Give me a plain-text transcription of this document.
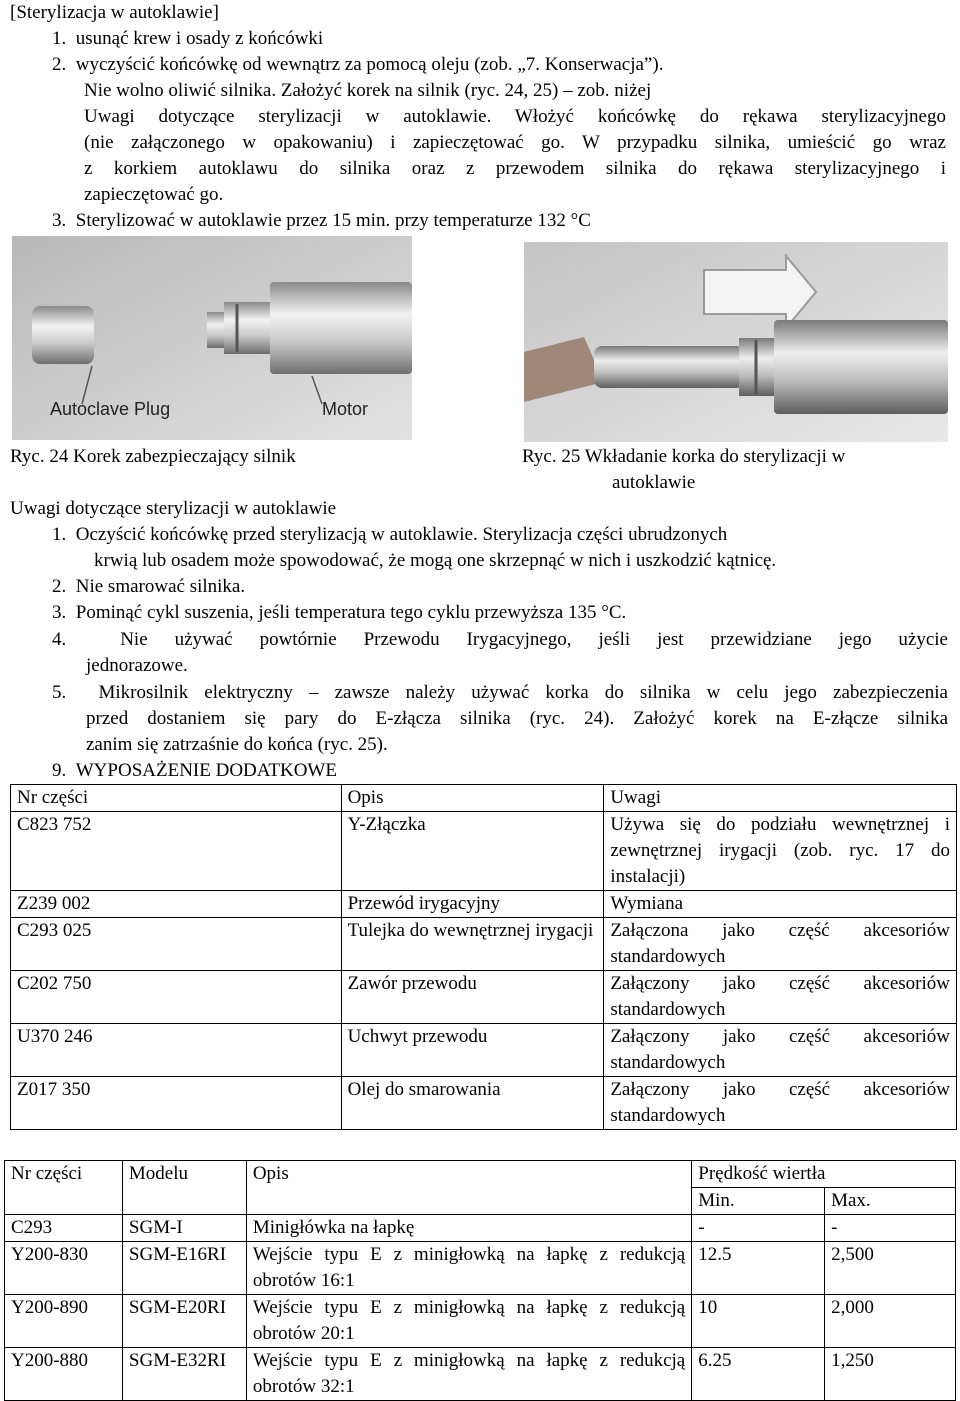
[Sterylizacja w autoklawie]
1.  usunąć krew i osady z końcówki
2.  wyczyścić końcówkę od wewnątrz za pomocą oleju (zob. „7. Konserwacja”).
Nie wolno oliwić silnika. Założyć korek na silnik (ryc. 24, 25) – zob. niżej
Uwagi dotyczące sterylizacji w autoklawie. Włożyć końcówkę do rękawa sterylizacyjnego
(nie załączonego w opakowaniu) i zapieczętować go. W przypadku silnika, umieścić go wraz
z korkiem autoklawu do silnika oraz z przewodem silnika do rękawa sterylizacyjnego i
zapieczętować go.
3.  Sterylizować w autoklawie przez 15 min. przy temperaturze 132 °C
Autoclave Plug	Motor
Ryc. 24 Korek zabezpieczający silnik	Ryc. 25 Wkładanie korka do sterylizacji w
autoklawie
Uwagi dotyczące sterylizacji w autoklawie
1.  Oczyścić końcówkę przed sterylizacją w autoklawie. Sterylizacja części ubrudzonych
krwią lub osadem może spowodować, że mogą one skrzepnąć w nich i uszkodzić kątnicę.
2.  Nie smarować silnika.
3.  Pominąć cykl suszenia, jeśli temperatura tego cyklu przewyższa 135 °C.
4.  Nie używać powtórnie Przewodu Irygacyjnego, jeśli jest przewidziane jego użycie
jednorazowe.
5.  Mikrosilnik elektryczny – zawsze należy używać korka do silnika w celu jego zabezpieczenia
przed dostaniem się pary do E-złącza silnika (ryc. 24). Założyć korek na E-złącze silnika
zanim się zatrzaśnie do końca (ryc. 25).
9.  WYPOSAŻENIE DODATKOWE
Nr części	Opis	Uwagi
C823 752	Y-Złączka	Używa się do podziału wewnętrznej i zewnętrznej irygacji (zob. ryc. 17 do instalacji)
Z239 002	Przewód irygacyjny	Wymiana
C293 025	Tulejka do wewnętrznej irygacji	Załączona jako część akcesoriów standardowych
C202 750	Zawór przewodu	Załączony jako część akcesoriów standardowych
U370 246	Uchwyt przewodu	Załączony jako część akcesoriów standardowych
Z017 350	Olej do smarowania	Załączony jako część akcesoriów standardowych
Nr części	Modelu	Opis	Prędkość wiertła	
			Min.	Max.
C293	SGM-I	Minigłówka na łapkę	-	-
Y200-830	SGM-E16RI	Wejście typu E z minigłowką na łapkę z redukcją obrotów 16:1	12.5	2,500
Y200-890	SGM-E20RI	Wejście typu E z minigłowką na łapkę z redukcją obrotów 20:1	10	2,000
Y200-880	SGM-E32RI	Wejście typu E z minigłowką na łapkę z redukcją obrotów 32:1	6.25	1,250
